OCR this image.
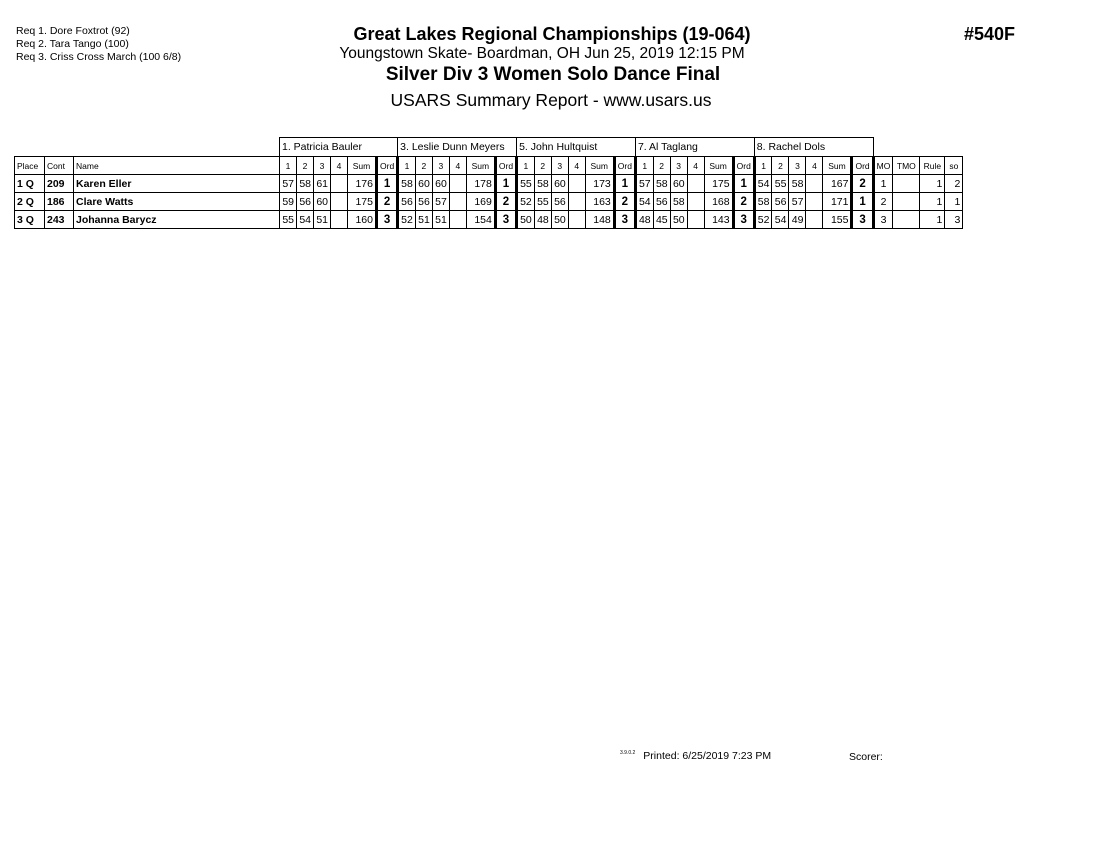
Req 1. Dore Foxtrot (92)
Req 2. Tara Tango (100)
Req 3. Criss Cross March (100 6/8)
Great Lakes Regional Championships (19-064)
Youngstown Skate- Boardman, OH Jun 25, 2019 12:15 PM
Silver Div 3 Women Solo Dance Final
USARS Summary Report - www.usars.us
#540F
			1. Patricia Bauler						3. Leslie Dunn Meyers						5. John Hultquist						7. Al Taglang						8. Rachel Dols									
Place	Cont	Name	1	2	3	4	Sum	Ord	1	2	3	4	Sum	Ord	1	2	3	4	Sum	Ord	1	2	3	4	Sum	Ord	1	2	3	4	Sum	Ord	MO	TMO	Rule	so
1 Q	209	Karen Eller	57	58	61		176	1	58	60	60		178	1	55	58	60		173	1	57	58	60		175	1	54	55	58		167	2	1		1	2
2 Q	186	Clare Watts	59	56	60		175	2	56	56	57		169	2	52	55	56		163	2	54	56	58		168	2	58	56	57		171	1	2		1	1
3 Q	243	Johanna Barycz	55	54	51		160	3	52	51	51		154	3	50	48	50		148	3	48	45	50		143	3	52	54	49		155	3	3		1	3
$^{3.9.0.2}$ Printed: 6/25/2019 7:23 PM	Scorer:
